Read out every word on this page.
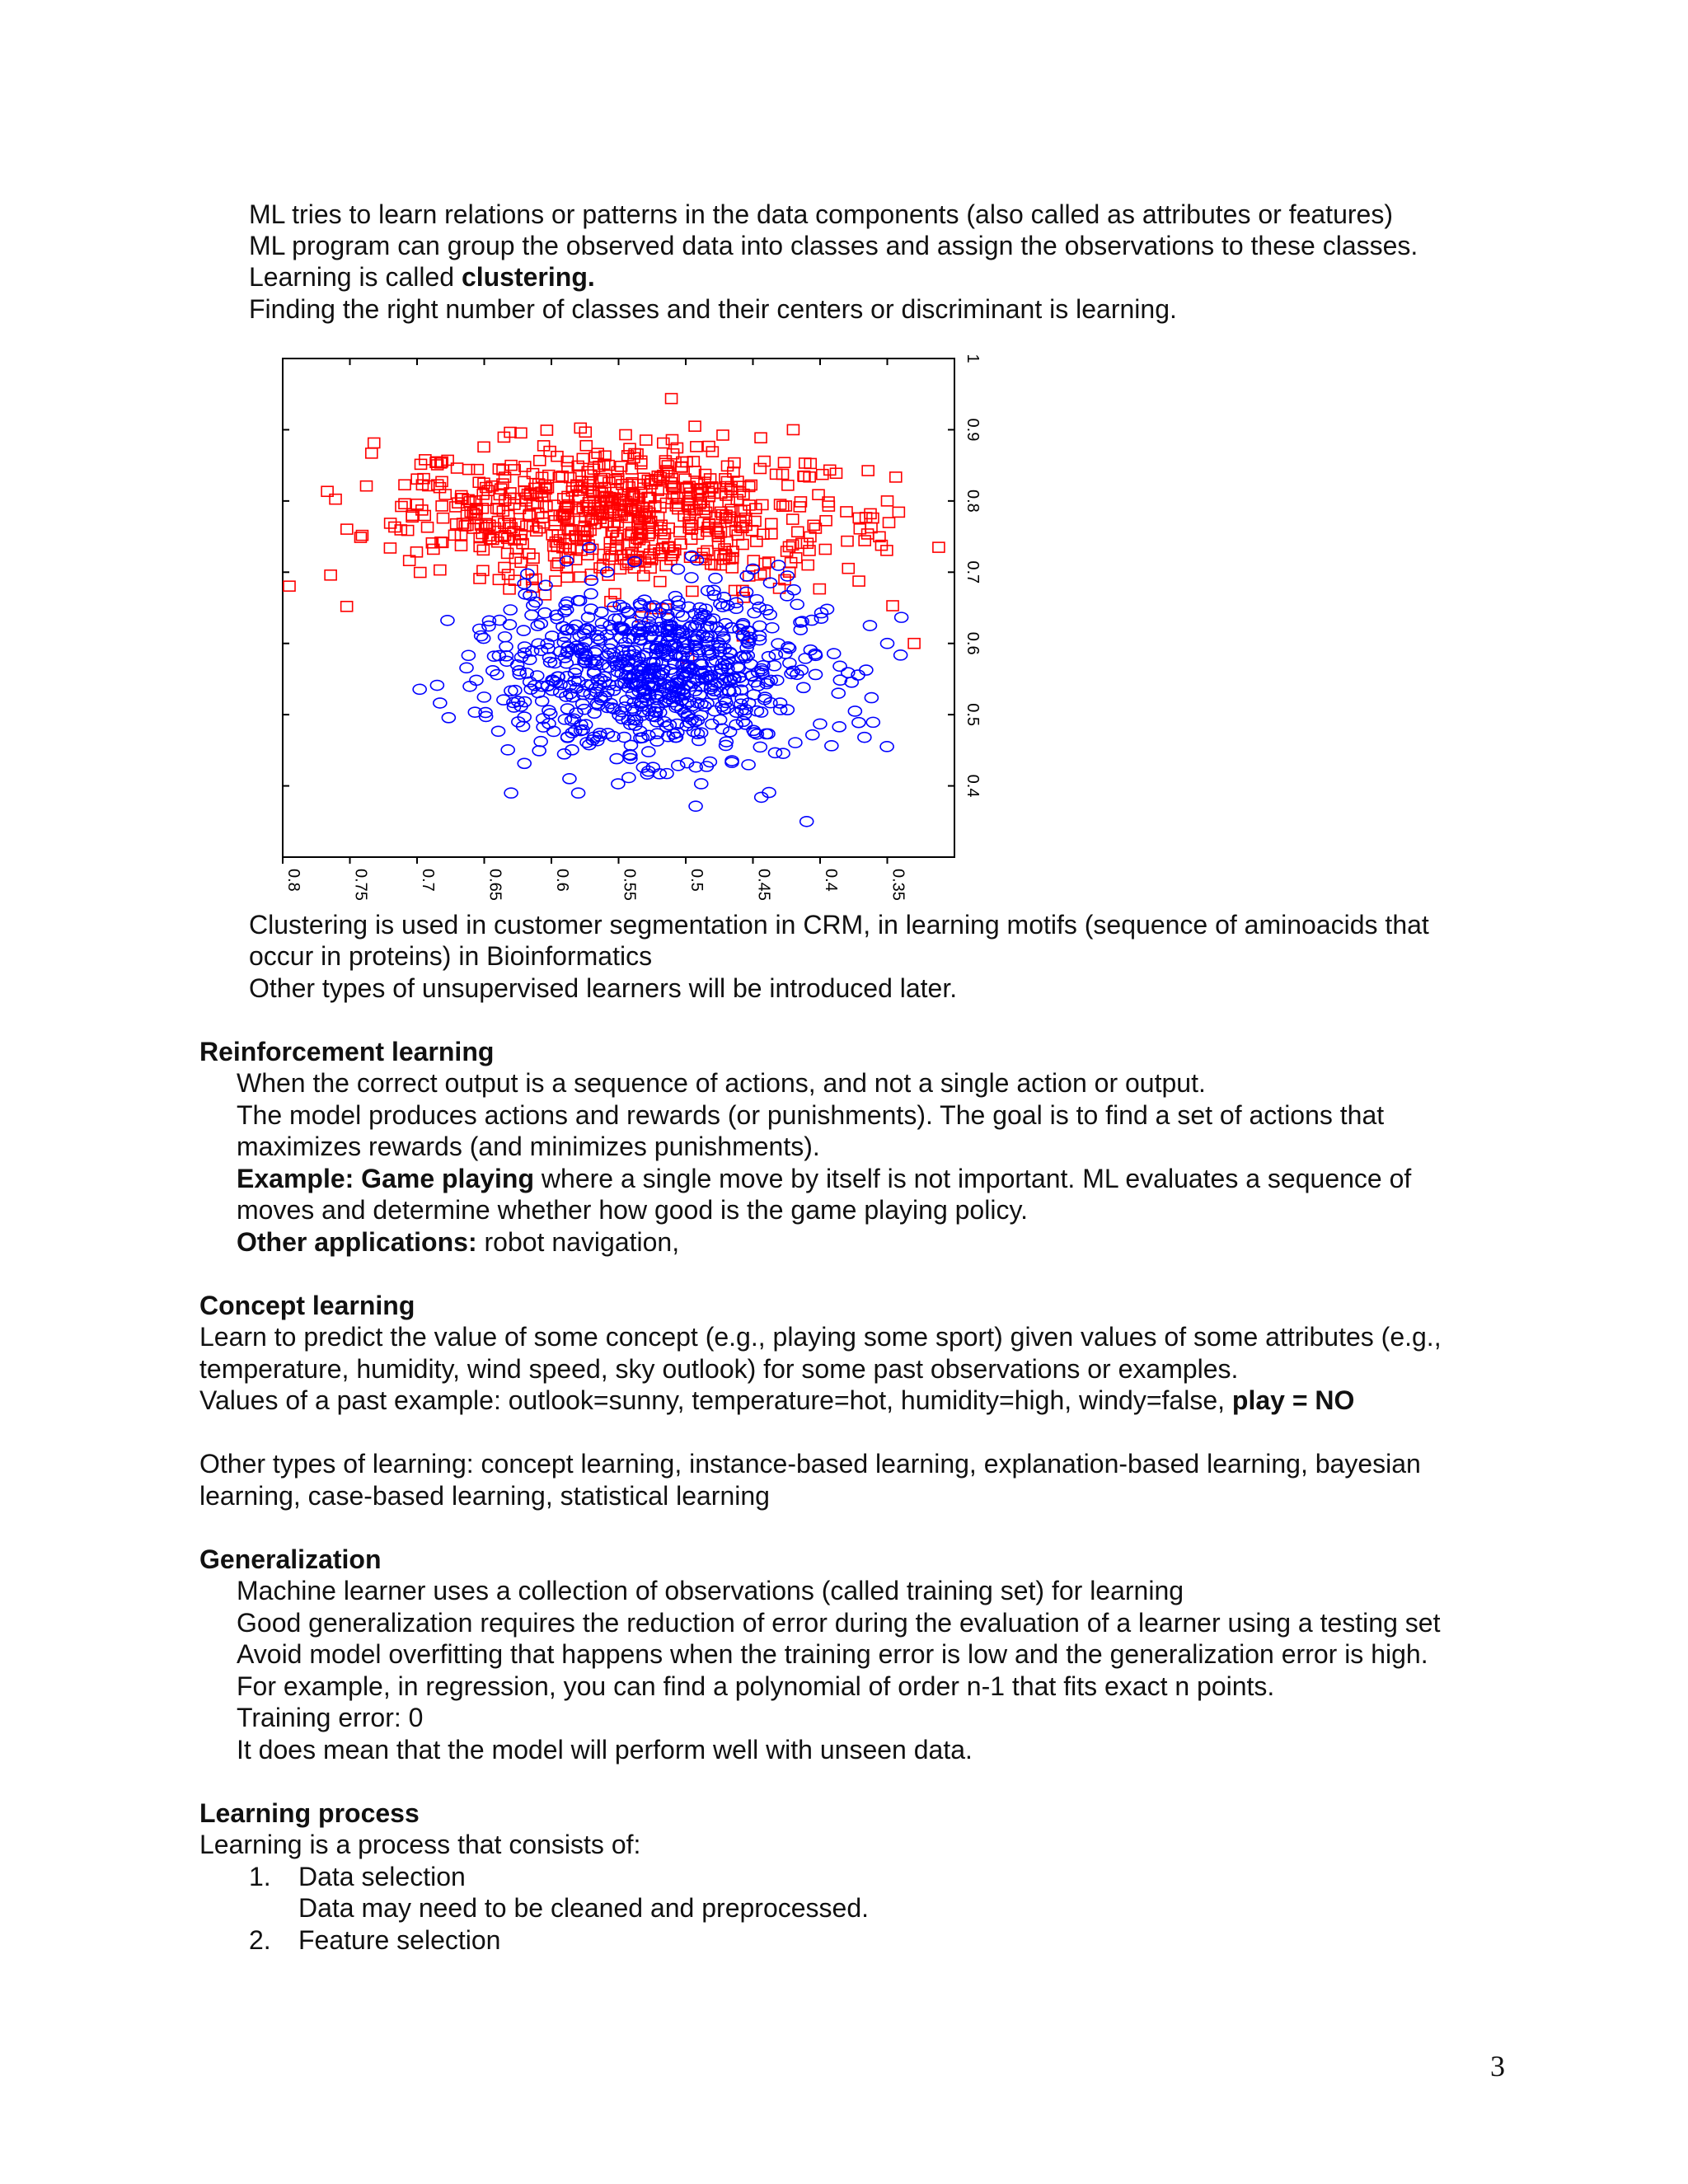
ML tries to learn relations or patterns in the data components (also called as attributes or features)
ML program can group the observed data into classes and assign the observations to these classes.
Learning is called clustering.
Finding the right number of classes and their centers or discriminant is learning.
0.8	0.75	0.7	0.65	0.6	0.55	0.5	0.45	0.4	0.35
0.4
0.5
0.6
0.7
0.8
0.9
1
Clustering is used in customer segmentation in CRM, in learning motifs (sequence of aminoacids that
occur in proteins) in Bioinformatics
Other types of unsupervised learners will be introduced later.
Reinforcement learning
When the correct output is a sequence of actions, and not a single action or output.
The model produces actions and rewards (or punishments). The goal is to find a set of actions that
maximizes rewards (and minimizes punishments).
Example: Game playing where a single move by itself is not important. ML evaluates a sequence of
moves and determine whether how good is the game playing policy.
Other applications: robot navigation,
Concept learning
Learn to predict the value of some concept (e.g., playing some sport) given values of some attributes (e.g.,
temperature, humidity, wind speed, sky outlook) for some past observations or examples.
Values of a past example: outlook=sunny, temperature=hot, humidity=high, windy=false, play = NO
Other types of learning: concept learning, instance-based learning, explanation-based learning, bayesian
learning, case-based learning, statistical learning
Generalization
Machine learner uses a collection of observations (called training set) for learning
Good generalization requires the reduction of error during the evaluation of a learner using a testing set
Avoid model overfitting that happens when the training error is low and the generalization error is high.
For example, in regression, you can find a polynomial of order n-1 that fits exact n points.
Training error: 0
It does mean that the model will perform well with unseen data.
Learning process
Learning is a process that consists of:
1. Data selection
Data may need to be cleaned and preprocessed.
2. Feature selection
3
